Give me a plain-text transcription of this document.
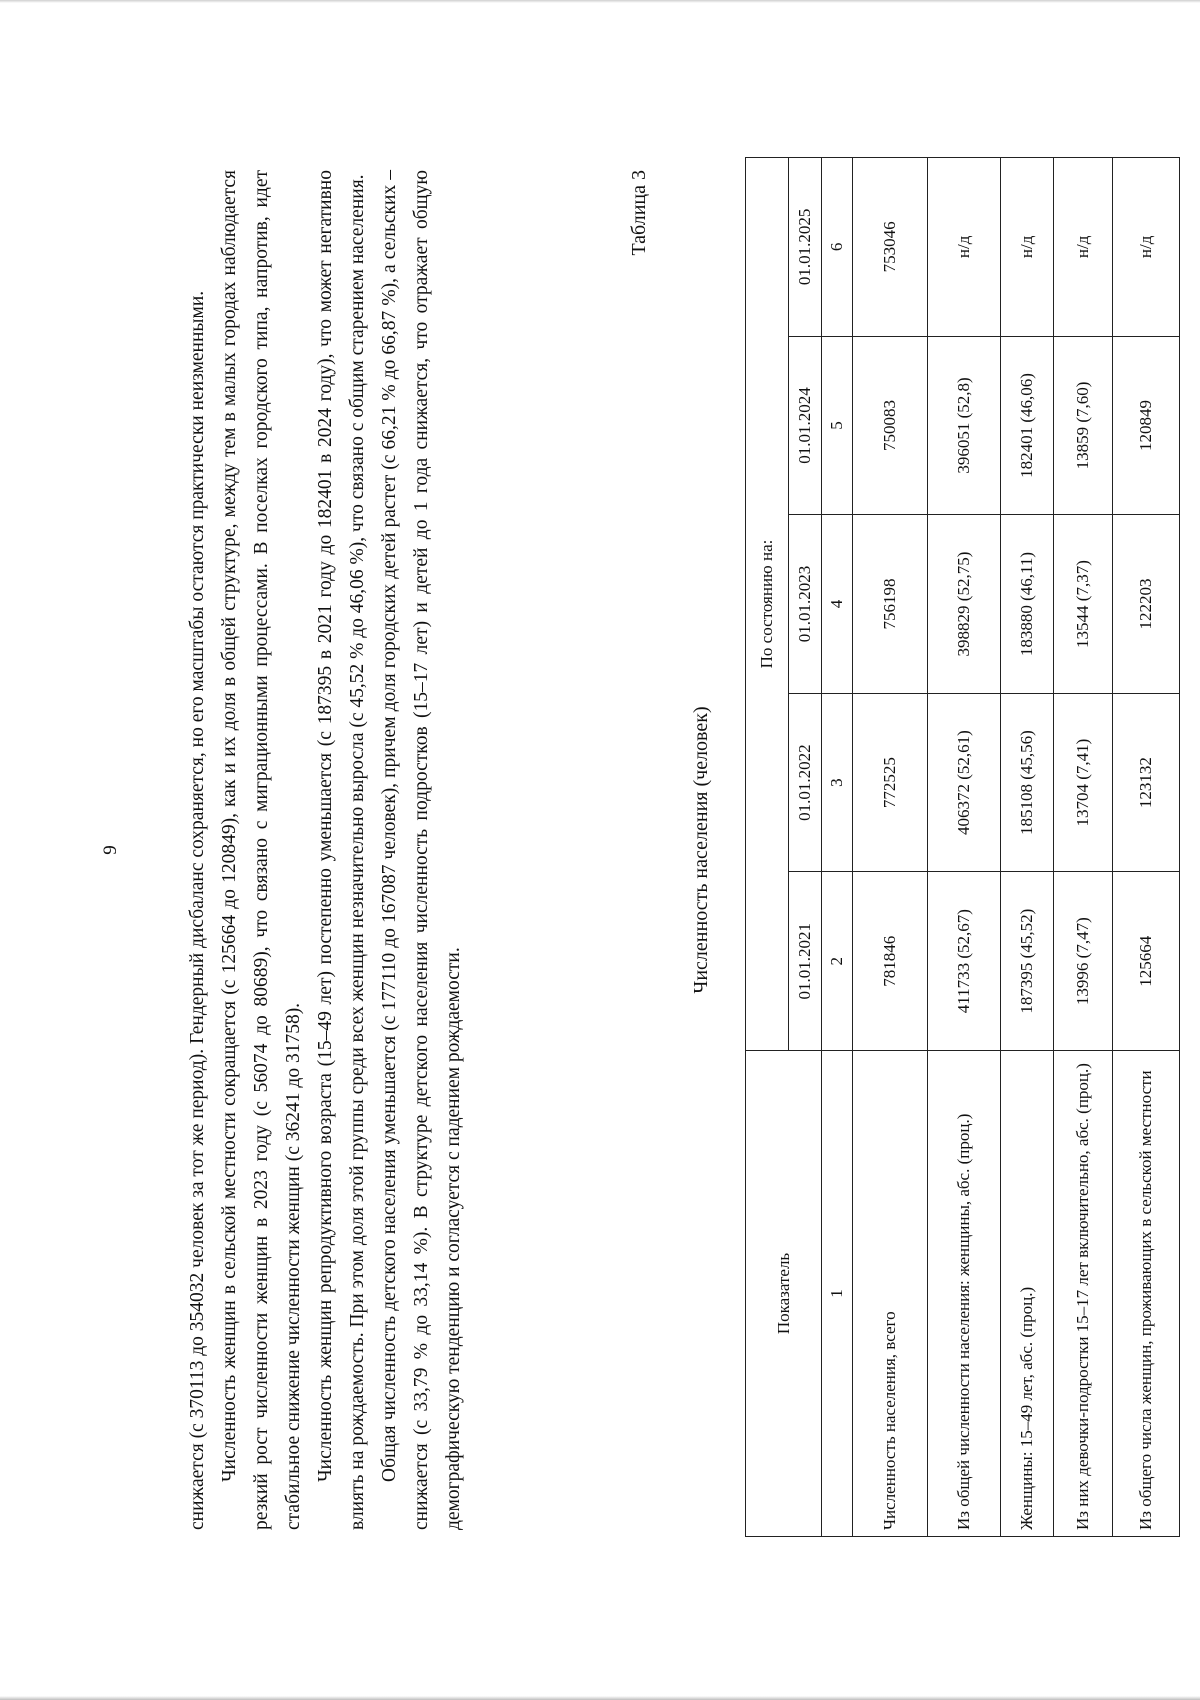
9	снижается (с 370113 до 354032 человек за тот же период). Гендерный дисбаланс сохраняется, но его масштабы остаются практически неизменными. Численность женщин в сельской местности сокращается (с 125664 до 120849), как и их доля в общей структуре, между тем в малых городах наблюдается резкий рост численности женщин в 2023 году (с 56074 до 80689), что связано с миграционными процессами. В поселках городского типа, напротив, идет стабильное снижение численности женщин (с 36241 до 31758). Численность женщин репродуктивного возраста (15–49 лет) постепенно уменьшается (с 187395 в 2021 году до 182401 в 2024 году), что может негативно влиять на рождаемость. При этом доля этой группы среди всех женщин незначительно выросла (с 45,52 % до 46,06 %), что связано с общим старением населения. Общая численность детского населения уменьшается (с 177110 до 167087 человек), причем доля городских детей растет (с 66,21 % до 66,87 %), а сельских – снижается (с 33,79 % до 33,14 %). В структуре детского населения численность подростков (15–17 лет) и детей до 1 года снижается, что отражает общую демографическую тенденцию и согласуется с падением рождаемости.

Таблица 3
Численность населения (человек)
Показатель	По состоянию на:				
	01.01.2021	01.01.2022	01.01.2023	01.01.2024	01.01.2025
1	2	3	4	5	6
Численность населения, всего	781846	772525	756198	750083	753046
Из общей численности населения: женщины, абс. (проц.)	411733 (52,67)	406372 (52,61)	398829 (52,75)	396051 (52,8)	н/д
Женщины: 15–49 лет, абс. (проц.)	187395 (45,52)	185108 (45,56)	183880 (46,11)	182401 (46,06)	н/д
Из них девочки-подростки 15–17 лет включительно, абс. (проц.)	13996 (7,47)	13704 (7,41)	13544 (7,37)	13859 (7,60)	н/д
Из общего числа женщин, проживающих в сельской местности	125664	123132	122203	120849	н/д
